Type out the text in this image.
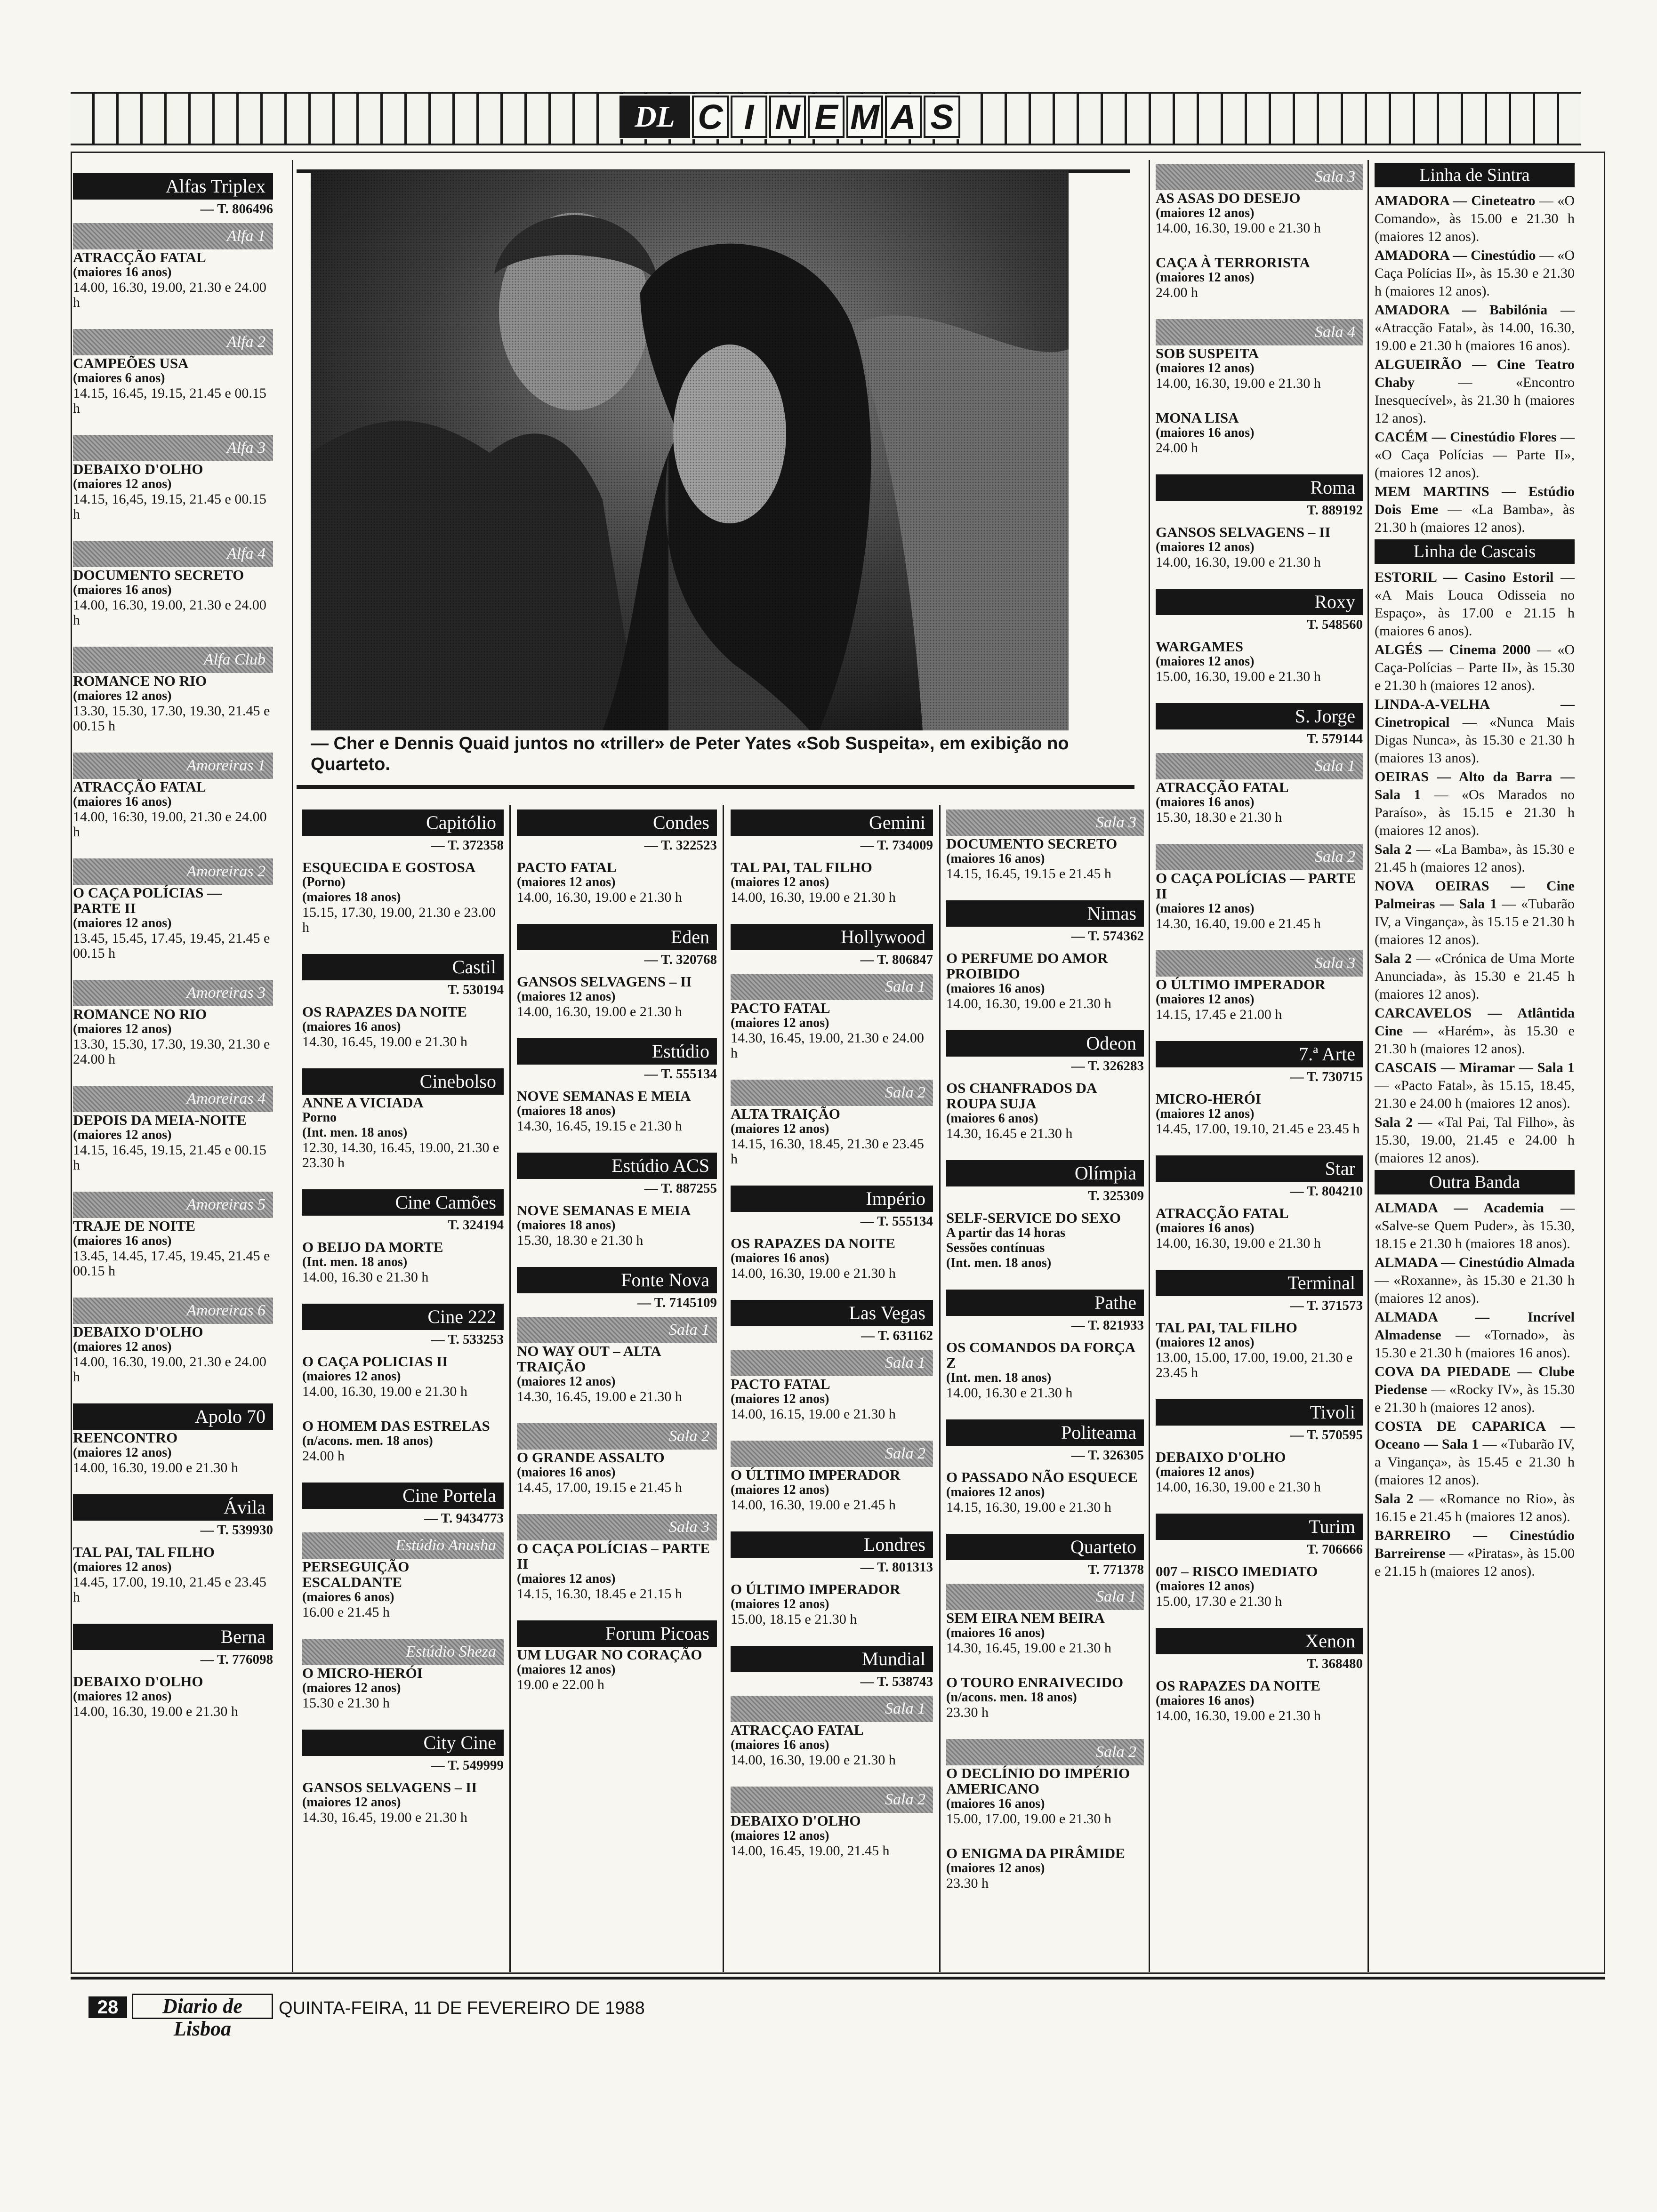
DL C I N E M A S
— Cher e Dennis Quaid juntos no «triller» de Peter Yates «Sob Suspeita», em exibição no Quarteto.
Alfas Triplex
— T. 806496
Alfa 1
ATRACÇÃO FATAL
(maiores 16 anos)
14.00, 16.30, 19.00, 21.30 e 24.00 h
Alfa 2
CAMPEÕES USA
(maiores 6 anos)
14.15, 16.45, 19.15, 21.45 e 00.15 h
Alfa 3
DEBAIXO D'OLHO
(maiores 12 anos)
14.15, 16,45, 19.15, 21.45 e 00.15 h
Alfa 4
DOCUMENTO SECRETO
(maiores 16 anos)
14.00, 16.30, 19.00, 21.30 e 24.00 h
Alfa Club
ROMANCE NO RIO
(maiores 12 anos)
13.30, 15.30, 17.30, 19.30, 21.45 e 00.15 h
Amoreiras 1
ATRACÇÃO FATAL
(maiores 16 anos)
14.00, 16:30, 19.00, 21.30 e 24.00 h
Amoreiras 2
O CAÇA POLÍCIAS — PARTE II
(maiores 12 anos)
13.45, 15.45, 17.45, 19.45, 21.45 e 00.15 h
Amoreiras 3
ROMANCE NO RIO
(maiores 12 anos)
13.30, 15.30, 17.30, 19.30, 21.30 e 24.00 h
Amoreiras 4
DEPOIS DA MEIA-NOITE
(maiores 12 anos)
14.15, 16.45, 19.15, 21.45 e 00.15 h
Amoreiras 5
TRAJE DE NOITE
(maiores 16 anos)
13.45, 14.45, 17.45, 19.45, 21.45 e 00.15 h
Amoreiras 6
DEBAIXO D'OLHO
(maiores 12 anos)
14.00, 16.30, 19.00, 21.30 e 24.00 h
Apolo 70
REENCONTRO
(maiores 12 anos)
14.00, 16.30, 19.00 e 21.30 h
Ávila
— T. 539930
TAL PAI, TAL FILHO
(maiores 12 anos)
14.45, 17.00, 19.10, 21.45 e 23.45 h
Berna
— T. 776098
DEBAIXO D'OLHO
(maiores 12 anos)
14.00, 16.30, 19.00 e 21.30 h
Capitólio
— T. 372358
ESQUECIDA E GOSTOSA
(Porno)
(maiores 18 anos)
15.15, 17.30, 19.00, 21.30 e 23.00 h
Castil
T. 530194
OS RAPAZES DA NOITE
(maiores 16 anos)
14.30, 16.45, 19.00 e 21.30 h
Cinebolso
ANNE A VICIADA
Porno
(Int. men. 18 anos)
12.30, 14.30, 16.45, 19.00, 21.30 e 23.30 h
Cine Camões
T. 324194
O BEIJO DA MORTE
(Int. men. 18 anos)
14.00, 16.30 e 21.30 h
Cine 222
— T. 533253
O CAÇA POLICIAS II
(maiores 12 anos)
14.00, 16.30, 19.00 e 21.30 h
O HOMEM DAS ESTRELAS
(n/acons. men. 18 anos)
24.00 h
Cine Portela
— T. 9434773
Estúdio Anusha
PERSEGUIÇÃO ESCALDANTE
(maiores 6 anos)
16.00 e 21.45 h
Estúdio Sheza
O MICRO-HERÓI
(maiores 12 anos)
15.30 e 21.30 h
City Cine
— T. 549999
GANSOS SELVAGENS – II
(maiores 12 anos)
14.30, 16.45, 19.00 e 21.30 h
Condes
— T. 322523
PACTO FATAL
(maiores 12 anos)
14.00, 16.30, 19.00 e 21.30 h
Eden
— T. 320768
GANSOS SELVAGENS – II
(maiores 12 anos)
14.00, 16.30, 19.00 e 21.30 h
Estúdio
— T. 555134
NOVE SEMANAS E MEIA
(maiores 18 anos)
14.30, 16.45, 19.15 e 21.30 h
Estúdio ACS
— T. 887255
NOVE SEMANAS E MEIA
(maiores 18 anos)
15.30, 18.30 e 21.30 h
Fonte Nova
— T. 7145109
Sala 1
NO WAY OUT – ALTA TRAIÇÃO
(maiores 12 anos)
14.30, 16.45, 19.00 e 21.30 h
Sala 2
O GRANDE ASSALTO
(maiores 16 anos)
14.45, 17.00, 19.15 e 21.45 h
Sala 3
O CAÇA POLÍCIAS – PARTE II
(maiores 12 anos)
14.15, 16.30, 18.45 e 21.15 h
Forum Picoas
UM LUGAR NO CORAÇÃO
(maiores 12 anos)
19.00 e 22.00 h
Gemini
— T. 734009
TAL PAI, TAL FILHO
(maiores 12 anos)
14.00, 16.30, 19.00 e 21.30 h
Hollywood
— T. 806847
Sala 1
PACTO FATAL
(maiores 12 anos)
14.30, 16.45, 19.00, 21.30 e 24.00 h
Sala 2
ALTA TRAIÇÃO
(maiores 12 anos)
14.15, 16.30, 18.45, 21.30 e 23.45 h
Império
— T. 555134
OS RAPAZES DA NOITE
(maiores 16 anos)
14.00, 16.30, 19.00 e 21.30 h
Las Vegas
— T. 631162
Sala 1
PACTO FATAL
(maiores 12 anos)
14.00, 16.15, 19.00 e 21.30 h
Sala 2
O ÚLTIMO IMPERADOR
(maiores 12 anos)
14.00, 16.30, 19.00 e 21.45 h
Londres
— T. 801313
O ÚLTIMO IMPERADOR
(maiores 12 anos)
15.00, 18.15 e 21.30 h
Mundial
— T. 538743
Sala 1
ATRACÇAO FATAL
(maiores 16 anos)
14.00, 16.30, 19.00 e 21.30 h
Sala 2
DEBAIXO D'OLHO
(maiores 12 anos)
14.00, 16.45, 19.00, 21.45 h
Sala 3
DOCUMENTO SECRETO
(maiores 16 anos)
14.15, 16.45, 19.15 e 21.45 h
Nimas
— T. 574362
O PERFUME DO AMOR PROIBIDO
(maiores 16 anos)
14.00, 16.30, 19.00 e 21.30 h
Odeon
— T. 326283
OS CHANFRADOS DA ROUPA SUJA
(maiores 6 anos)
14.30, 16.45 e 21.30 h
Olímpia
T. 325309
SELF-SERVICE DO SEXO
A partir das 14 horas
Sessões contínuas
(Int. men. 18 anos)
Pathe
— T. 821933
OS COMANDOS DA FORÇA Z
(Int. men. 18 anos)
14.00, 16.30 e 21.30 h
Politeama
— T. 326305
O PASSADO NÃO ESQUECE
(maiores 12 anos)
14.15, 16.30, 19.00 e 21.30 h
Quarteto
T. 771378
Sala 1
SEM EIRA NEM BEIRA
(maiores 16 anos)
14.30, 16.45, 19.00 e 21.30 h
O TOURO ENRAIVECIDO
(n/acons. men. 18 anos)
23.30 h
Sala 2
O DECLÍNIO DO IMPÉRIO AMERICANO
(maiores 16 anos)
15.00, 17.00, 19.00 e 21.30 h
O ENIGMA DA PIRÂMIDE
(maiores 12 anos)
23.30 h
Sala 3
AS ASAS DO DESEJO
(maiores 12 anos)
14.00, 16.30, 19.00 e 21.30 h
CAÇA À TERRORISTA
(maiores 12 anos)
24.00 h
Sala 4
SOB SUSPEITA
(maiores 12 anos)
14.00, 16.30, 19.00 e 21.30 h
MONA LISA
(maiores 16 anos)
24.00 h
Roma
T. 889192
GANSOS SELVAGENS – II
(maiores 12 anos)
14.00, 16.30, 19.00 e 21.30 h
Roxy
T. 548560
WARGAMES
(maiores 12 anos)
15.00, 16.30, 19.00 e 21.30 h
S. Jorge
T. 579144
Sala 1
ATRACÇÃO FATAL
(maiores 16 anos)
15.30, 18.30 e 21.30 h
Sala 2
O CAÇA POLÍCIAS — PARTE II
(maiores 12 anos)
14.30, 16.40, 19.00 e 21.45 h
Sala 3
O ÚLTIMO IMPERADOR
(maiores 12 anos)
14.15, 17.45 e 21.00 h
7.ª Arte
— T. 730715
MICRO-HERÓI
(maiores 12 anos)
14.45, 17.00, 19.10, 21.45 e 23.45 h
Star
— T. 804210
ATRACÇÃO FATAL
(maiores 16 anos)
14.00, 16.30, 19.00 e 21.30 h
Terminal
— T. 371573
TAL PAI, TAL FILHO
(maiores 12 anos)
13.00, 15.00, 17.00, 19.00, 21.30 e 23.45 h
Tivoli
— T. 570595
DEBAIXO D'OLHO
(maiores 12 anos)
14.00, 16.30, 19.00 e 21.30 h
Turim
T. 706666
007 – RISCO IMEDIATO
(maiores 12 anos)
15.00, 17.30 e 21.30 h
Xenon
T. 368480
OS RAPAZES DA NOITE
(maiores 16 anos)
14.00, 16.30, 19.00 e 21.30 h
Linha de Sintra
AMADORA — Cineteatro — «O Comando», às 15.00 e 21.30 h (maiores 12 anos).
AMADORA — Cinestúdio — «O Caça Polícias II», às 15.30 e 21.30 h (maiores 12 anos).
AMADORA — Babilónia — «Atracção Fatal», às 14.00, 16.30, 19.00 e 21.30 h (maiores 16 anos).
ALGUEIRÃO — Cine Teatro Chaby	— «Encontro Inesquecível», às 21.30 h (maiores 12 anos).
CACÉM — Cinestúdio Flores — «O Caça Polícias — Parte II», (maiores 12 anos).
MEM MARTINS — Estúdio Dois Eme — «La Bamba», às 21.30 h (maiores 12 anos).
Linha de Cascais
ESTORIL — Casino Estoril — «A Mais Louca Odisseia no Espaço», às 17.00 e 21.15 h (maiores 6 anos).
ALGÉS — Cinema 2000 — «O Caça-Polícias – Parte II», às 15.30 e 21.30 h (maiores 12 anos).
LINDA-A-VELHA — Cinetropical — «Nunca Mais Digas Nunca», às 15.30 e 21.30 h (maiores 13 anos).
OEIRAS — Alto da Barra — Sala 1 — «Os Marados no Paraíso», às 15.15 e 21.30 h (maiores 12 anos).
Sala 2 — «La Bamba», às 15.30 e 21.45 h (maiores 12 anos).
NOVA OEIRAS — Cine Palmeiras — Sala 1 — «Tubarão IV, a Vingança», às 15.15 e 21.30 h (maiores 12 anos).
Sala 2 — «Crónica de Uma Morte Anunciada», às 15.30 e 21.45 h (maiores 12 anos).
CARCAVELOS — Atlântida Cine — «Harém», às 15.30 e 21.30 h (maiores 12 anos).
CASCAIS — Miramar — Sala 1 — «Pacto Fatal», às 15.15, 18.45, 21.30 e 24.00 h (maiores 12 anos).
Sala 2 — «Tal Pai, Tal Filho», às 15.30, 19.00, 21.45 e 24.00 h (maiores 12 anos).
Outra Banda
ALMADA — Academia — «Salve-se Quem Puder», às 15.30, 18.15 e 21.30 h (maiores 18 anos).
ALMADA — Cinestúdio Almada — «Roxanne», às 15.30 e 21.30 h (maiores 12 anos).
ALMADA — Incrível Almadense — «Tornado», às 15.30 e 21.30 h (maiores 16 anos).
COVA DA PIEDADE — Clube Piedense — «Rocky IV», às 15.30 e 21.30 h (maiores 12 anos).
COSTA DE CAPARICA — Oceano — Sala 1 — «Tubarão IV, a Vingança», às 15.45 e 21.30 h (maiores 12 anos).
Sala 2 — «Romance no Rio», às 16.15 e 21.45 h (maiores 12 anos).
BARREIRO — Cinestúdio Barreirense — «Piratas», às 15.00 e 21.15 h (maiores 12 anos).
28	Diario de Lisboa
QUINTA-FEIRA, 11 DE FEVEREIRO DE 1988
